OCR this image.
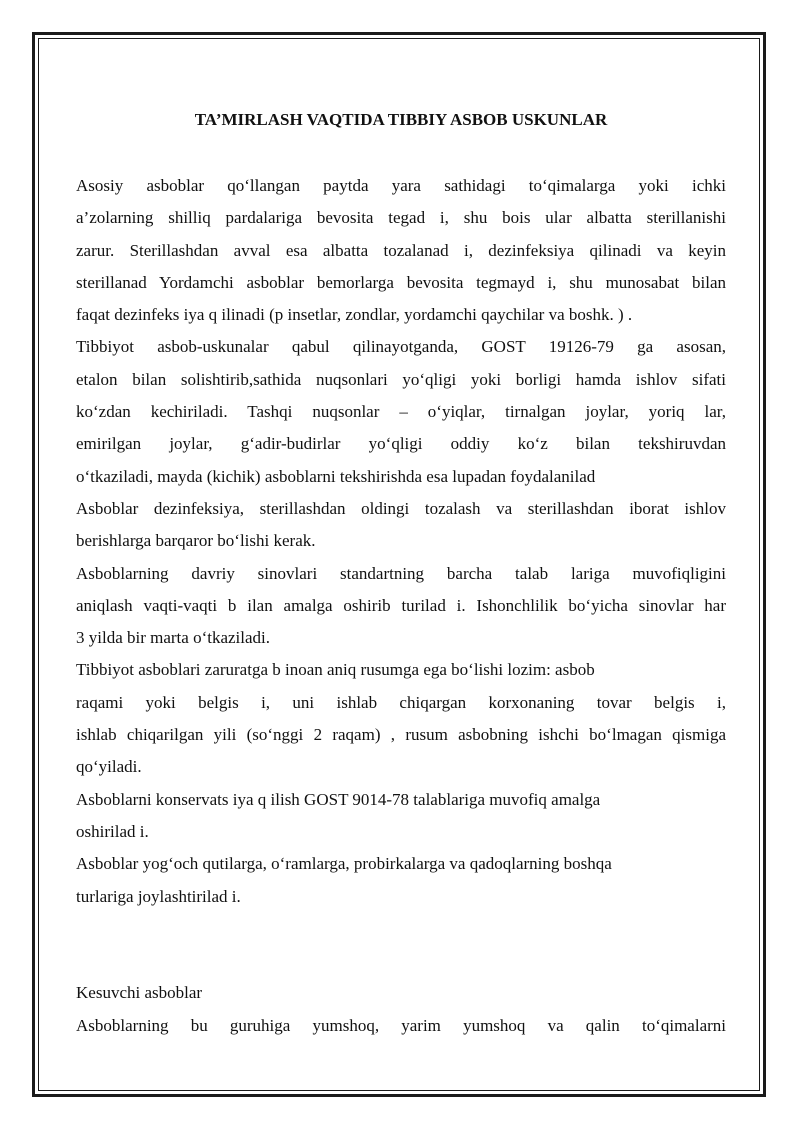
TA’MIRLASH VAQTIDA TIBBIY ASBOB USKUNLAR
Asosiy asboblar qo‘llangan paytda yara sathidagi to‘qimalarga yoki ichki
a’zolarning shilliq pardalariga bevosita tegad i, shu bois ular albatta sterillanishi
zarur. Sterillashdan avval esa albatta tozalanad i, dezinfeksiya qilinadi va keyin
sterillanad Yordamchi asboblar bemorlarga bevosita tegmayd i, shu munosabat bilan
faqat dezinfeks iya q ilinadi (p insetlar, zondlar, yordamchi qaychilar va boshk. ) .
Tibbiyot asbob-uskunalar qabul qilinayotganda, GOST 19126-79 ga asosan,
etalon bilan solishtirib,sathida nuqsonlari yo‘qligi yoki borligi hamda ishlov sifati
ko‘zdan kechiriladi. Tashqi nuqsonlar – o‘yiqlar, tirnalgan joylar, yoriq lar,
emirilgan joylar, g‘adir-budirlar yo‘qligi oddiy ko‘z bilan tekshiruvdan
o‘tkaziladi, mayda (kichik) asboblarni tekshirishda esa lupadan foydalanilad
Asboblar dezinfeksiya, sterillashdan oldingi tozalash va sterillashdan iborat ishlov
berishlarga barqaror bo‘lishi kerak.
Asboblarning davriy sinovlari standartning barcha talab lariga muvofiqligini
aniqlash vaqti-vaqti b ilan amalga oshirib turilad i. Ishonchlilik bo‘yicha sinovlar har
3 yilda bir marta o‘tkaziladi.
Tibbiyot asboblari zaruratga b inoan aniq rusumga ega bo‘lishi lozim: asbob
raqami yoki belgis i, uni ishlab chiqargan korxonaning tovar belgis i,
ishlab chiqarilgan yili (so‘nggi 2 raqam) , rusum asbobning ishchi bo‘lmagan qismiga
qo‘yiladi.
Asboblarni konservats iya q ilish GOST 9014-78 talablariga muvofiq amalga
oshirilad i.
Asboblar yog‘och qutilarga, o‘ramlarga, probirkalarga va qadoqlarning boshqa
turlariga joylashtirilad i.
Kesuvchi asboblar
Asboblarning bu guruhiga yumshoq, yarim yumshoq va qalin to‘qimalarni
